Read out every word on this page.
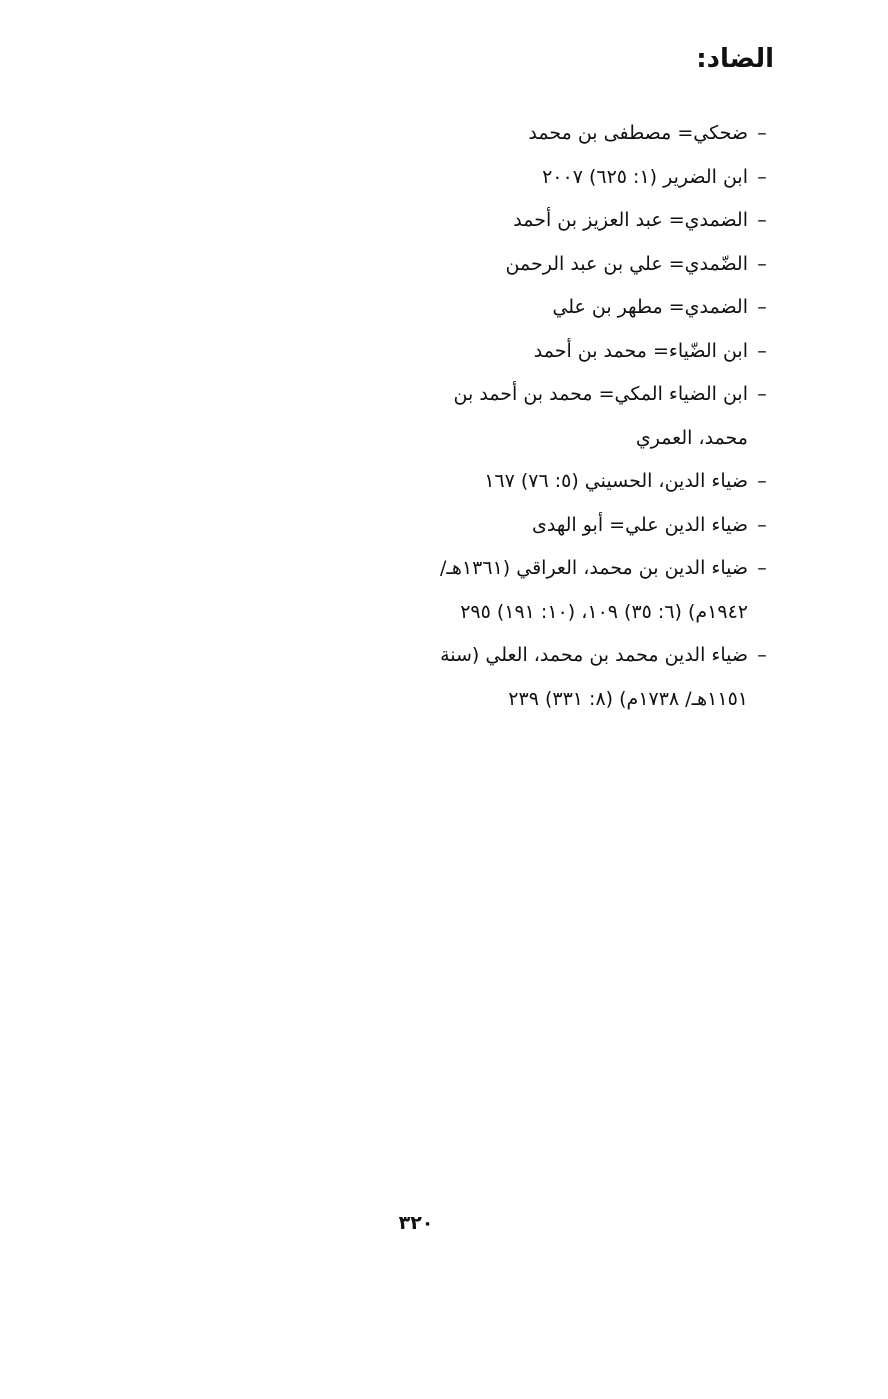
الضاد:
–
ضحكي= مصطفى بن محمد
–
ابن الضرير (١: ٦٢٥) ٢٠٠٧
–
الضمدي= عبد العزيز بن أحمد
–
الضّمدي= علي بن عبد الرحمن
–
الضمدي= مطهر بن علي
–
ابن الضّياء= محمد بن أحمد
–
ابن الضياء المكي= محمد بن أحمد بن محمد، العمري
–
ضياء الدين، الحسيني (٥: ٧٦) ١٦٧
–
ضياء الدين علي= أبو الهدى
–
ضياء الدين بن محمد، العراقي (١٣٦١هـ/ ١٩٤٢م) (٦: ٣٥) ١٠٩، (١٠: ١٩١) ٢٩٥
–
ضياء الدين محمد بن محمد، العلي (سنة ١١٥١هـ/ ١٧٣٨م) (٨: ٣٣١) ٢٣٩
٣٢٠
